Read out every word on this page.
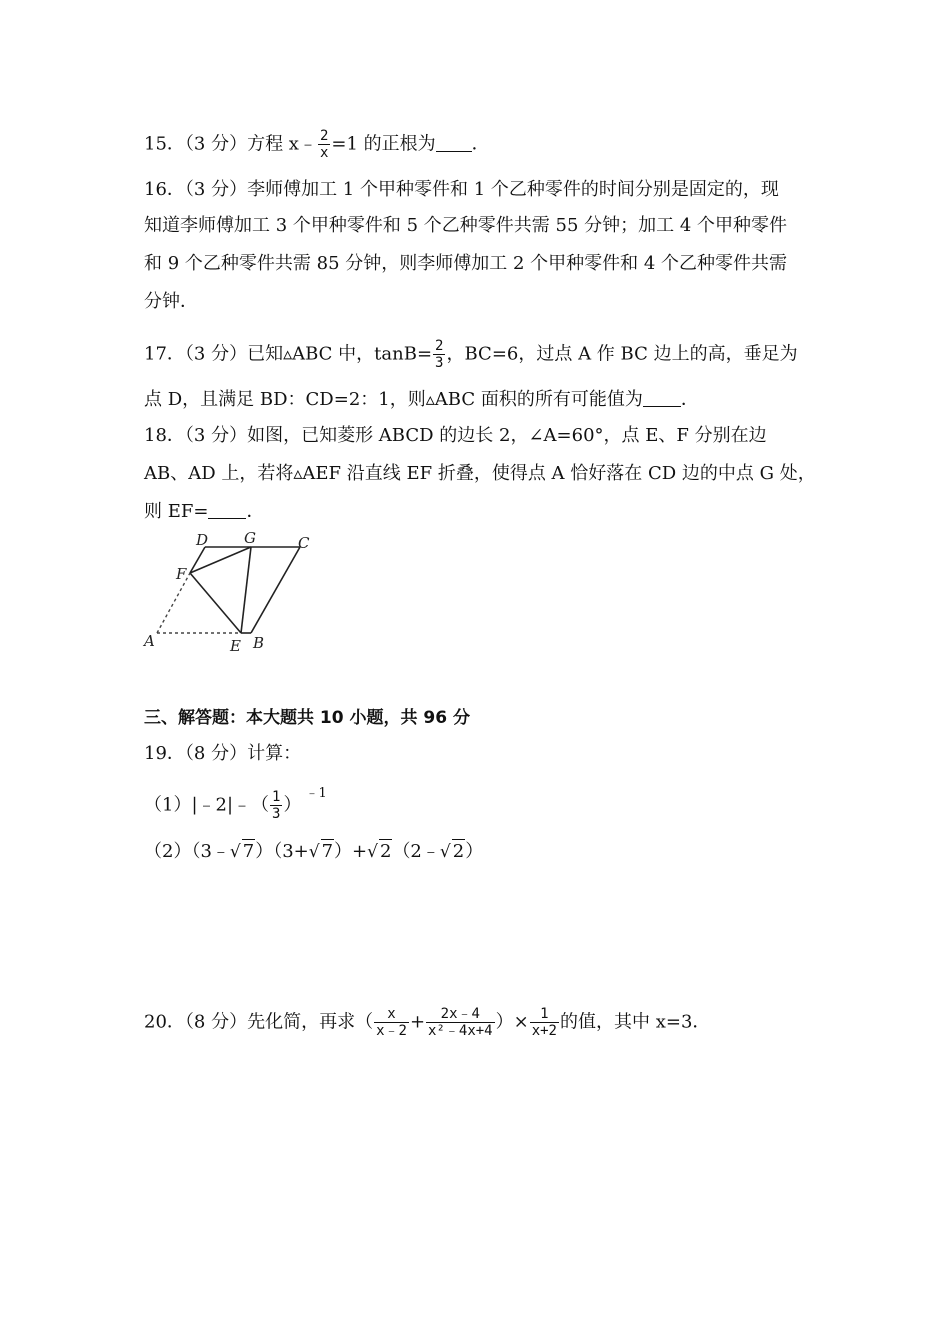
15．（3 分）方程 x﹣ $\frac{2}{x} =1$ 的正根为 ．
16．（3 分）李师傅加工 1 个甲种零件和 1 个乙种零件的时间分别是固定的，现
知道李师傅加工 3 个甲种零件和 5 个乙种零件共需 55 分钟；加工 4 个甲种零件
和 9 个乙种零件共需 85 分钟，则李师傅加工 2 个甲种零件和 4 个乙种零件共需
分钟．
17．（3 分）已知▵ABC 中，$\tan B= \frac{2}{3}$ ，BC=6，过点 A 作 BC 边上的高，垂足为
点 D，且满足 BD：CD=2：1，则▵ABC 面积的所有可能值为 ．
18．（3 分）如图，已知菱形 ABCD 的边长 2，∠A=60°，点 E、F 分别在边
AB、AD 上，若将▵AEF 沿直线 EF 折叠，使得点 A 恰好落在 CD 边的中点 G 处，
则 EF= ．
D G	C
F
A	E B
三、解答题：本大题共 10 小题，共 96 分
19．（8 分）计算：
（1）|﹣2|﹣（ $\frac{1}{3} )^{﹣1}$
（2）（3﹣√ 7）（3+√ 7）+√ 2（2﹣√ 2）
20．（8 分）先化简，再求（ $\frac{x}{x﹣2} + \frac{2x﹣4}{\text{x²﹣4x+4}}$ ）× $\frac{1}{x+2}$ 的值，其中 x=3．
